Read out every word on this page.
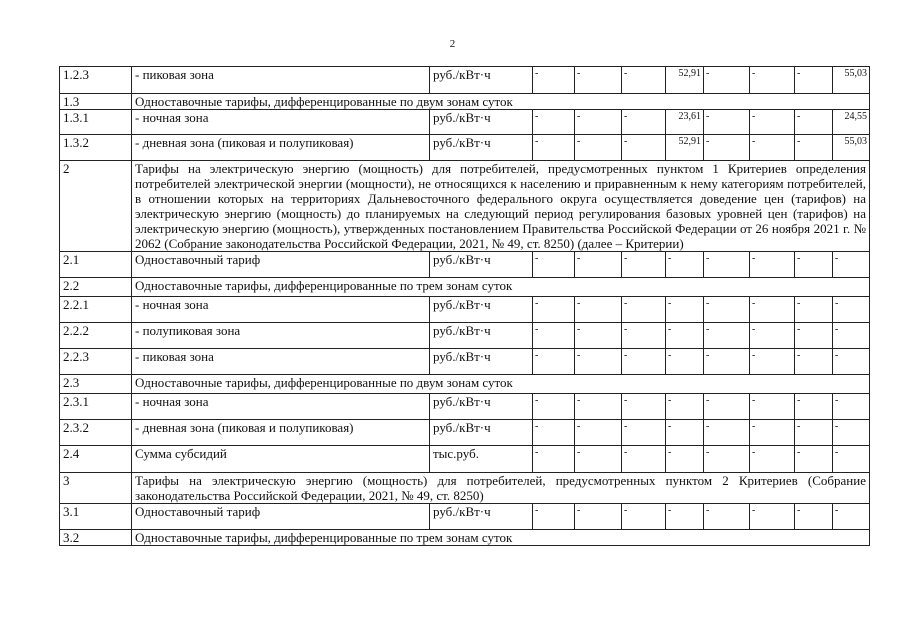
2
1.2.3	- пиковая зона	руб./кВт·ч	-	-	-	52,91	-	-	-	55,03
1.3	Одноставочные тарифы, дифференцированные по двум зонам суток									
1.3.1	- ночная зона	руб./кВт·ч	-	-	-	23,61	-	-	-	24,55
1.3.2	- дневная зона (пиковая и полупиковая)	руб./кВт·ч	-	-	-	52,91	-	-	-	55,03
2	Тарифы на электрическую энергию (мощность) для потребителей, предусмотренных пунктом 1 Критериев определения потребителей электрической энергии (мощности), не относящихся к населению и приравненным к нему категориям потребителей, в отношении которых на территориях Дальневосточного федерального округа осуществляется доведение цен (тарифов) на электрическую энергию (мощность) до планируемых на следующий период регулирования базовых уровней цен (тарифов) на электрическую энергию (мощность), утвержденных постановлением Правительства Российской Федерации от 26 ноября 2021 г. № 2062 (Собрание законодательства Российской Федерации, 2021, № 49, ст. 8250) (далее – Критерии)									
2.1	Одноставочный тариф	руб./кВт·ч	-	-	-	-	-	-	-	-
2.2	Одноставочные тарифы, дифференцированные по трем зонам суток									
2.2.1	- ночная зона	руб./кВт·ч	-	-	-	-	-	-	-	-
2.2.2	- полупиковая зона	руб./кВт·ч	-	-	-	-	-	-	-	-
2.2.3	- пиковая зона	руб./кВт·ч	-	-	-	-	-	-	-	-
2.3	Одноставочные тарифы, дифференцированные по двум зонам суток									
2.3.1	- ночная зона	руб./кВт·ч	-	-	-	-	-	-	-	-
2.3.2	- дневная зона (пиковая и полупиковая)	руб./кВт·ч	-	-	-	-	-	-	-	-
2.4	Сумма субсидий	тыс.руб.	-	-	-	-	-	-	-	-
3	Тарифы на электрическую энергию (мощность) для потребителей, предусмотренных пунктом 2 Критериев (Собрание законодательства Российской Федерации, 2021, № 49, ст. 8250)									
3.1	Одноставочный тариф	руб./кВт·ч	-	-	-	-	-	-	-	-
3.2	Одноставочные тарифы, дифференцированные по трем зонам суток									
